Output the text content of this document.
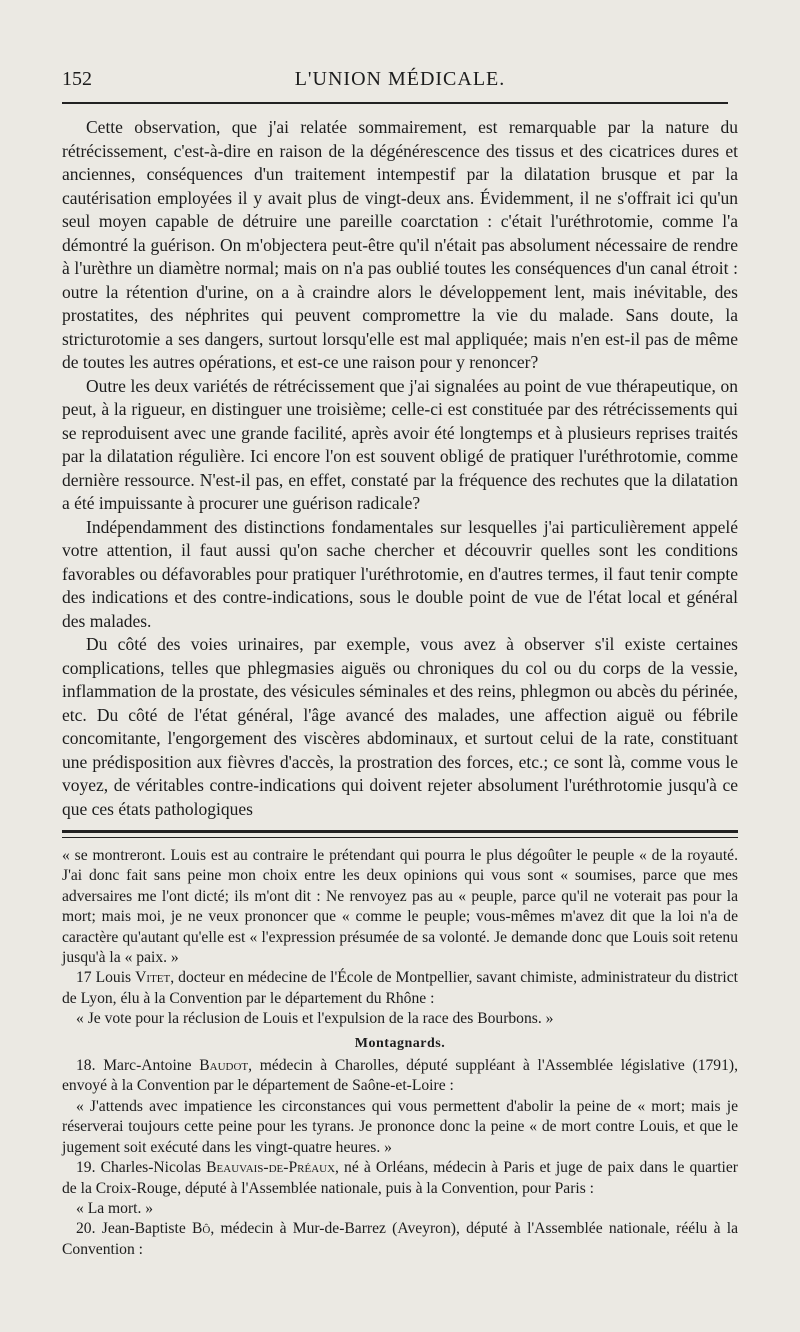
152	L'UNION MÉDICALE.

Cette observation, que j'ai relatée sommairement, est remarquable par la nature du rétrécissement, c'est-à-dire en raison de la dégénérescence des tissus et des cicatrices dures et anciennes, conséquences d'un traitement intempestif par la dilatation brusque et par la cautérisation employées il y avait plus de vingt-deux ans. Évidemment, il ne s'offrait ici qu'un seul moyen capable de détruire une pareille coarctation : c'était l'uréthrotomie, comme l'a démontré la guérison. On m'objectera peut-être qu'il n'était pas absolument nécessaire de rendre à l'urèthre un diamètre normal; mais on n'a pas oublié toutes les conséquences d'un canal étroit : outre la rétention d'urine, on a à craindre alors le développement lent, mais inévitable, des prostatites, des néphrites qui peuvent compromettre la vie du malade. Sans doute, la stricturotomie a ses dangers, surtout lorsqu'elle est mal appliquée; mais n'en est-il pas de même de toutes les autres opérations, et est-ce une raison pour y renoncer?

Outre les deux variétés de rétrécissement que j'ai signalées au point de vue thérapeutique, on peut, à la rigueur, en distinguer une troisième; celle-ci est constituée par des rétrécissements qui se reproduisent avec une grande facilité, après avoir été longtemps et à plusieurs reprises traités par la dilatation régulière. Ici encore l'on est souvent obligé de pratiquer l'uréthrotomie, comme dernière ressource. N'est-il pas, en effet, constaté par la fréquence des rechutes que la dilatation a été impuissante à procurer une guérison radicale?

Indépendamment des distinctions fondamentales sur lesquelles j'ai particulièrement appelé votre attention, il faut aussi qu'on sache chercher et découvrir quelles sont les conditions favorables ou défavorables pour pratiquer l'uréthrotomie, en d'autres termes, il faut tenir compte des indications et des contre-indications, sous le double point de vue de l'état local et général des malades.

Du côté des voies urinaires, par exemple, vous avez à observer s'il existe certaines complications, telles que phlegmasies aiguës ou chroniques du col ou du corps de la vessie, inflammation de la prostate, des vésicules séminales et des reins, phlegmon ou abcès du périnée, etc. Du côté de l'état général, l'âge avancé des malades, une affection aiguë ou fébrile concomitante, l'engorgement des viscères abdominaux, et surtout celui de la rate, constituant une prédisposition aux fièvres d'accès, la prostration des forces, etc.; ce sont là, comme vous le voyez, de véritables contre-indications qui doivent rejeter absolument l'uréthrotomie jusqu'à ce que ces états pathologiques

« se montreront. Louis est au contraire le prétendant qui pourra le plus dégoûter le peuple « de la royauté. J'ai donc fait sans peine mon choix entre les deux opinions qui vous sont « soumises, parce que mes adversaires me l'ont dicté; ils m'ont dit : Ne renvoyez pas au « peuple, parce qu'il ne voterait pas pour la mort; mais moi, je ne veux prononcer que « comme le peuple; vous-mêmes m'avez dit que la loi n'a de caractère qu'autant qu'elle est « l'expression présumée de sa volonté. Je demande donc que Louis soit retenu jusqu'à la « paix. »

17 Louis Vitet, docteur en médecine de l'École de Montpellier, savant chimiste, administrateur du district de Lyon, élu à la Convention par le département du Rhône :

« Je vote pour la réclusion de Louis et l'expulsion de la race des Bourbons. »

Montagnards.

18. Marc-Antoine Baudot, médecin à Charolles, député suppléant à l'Assemblée législative (1791), envoyé à la Convention par le département de Saône-et-Loire :

« J'attends avec impatience les circonstances qui vous permettent d'abolir la peine de « mort; mais je réserverai toujours cette peine pour les tyrans. Je prononce donc la peine « de mort contre Louis, et que le jugement soit exécuté dans les vingt-quatre heures. »

19. Charles-Nicolas Beauvais-de-Préaux, né à Orléans, médecin à Paris et juge de paix dans le quartier de la Croix-Rouge, député à l'Assemblée nationale, puis à la Convention, pour Paris :

« La mort. »

20. Jean-Baptiste Bô, médecin à Mur-de-Barrez (Aveyron), député à l'Assemblée nationale, réélu à la Convention :
